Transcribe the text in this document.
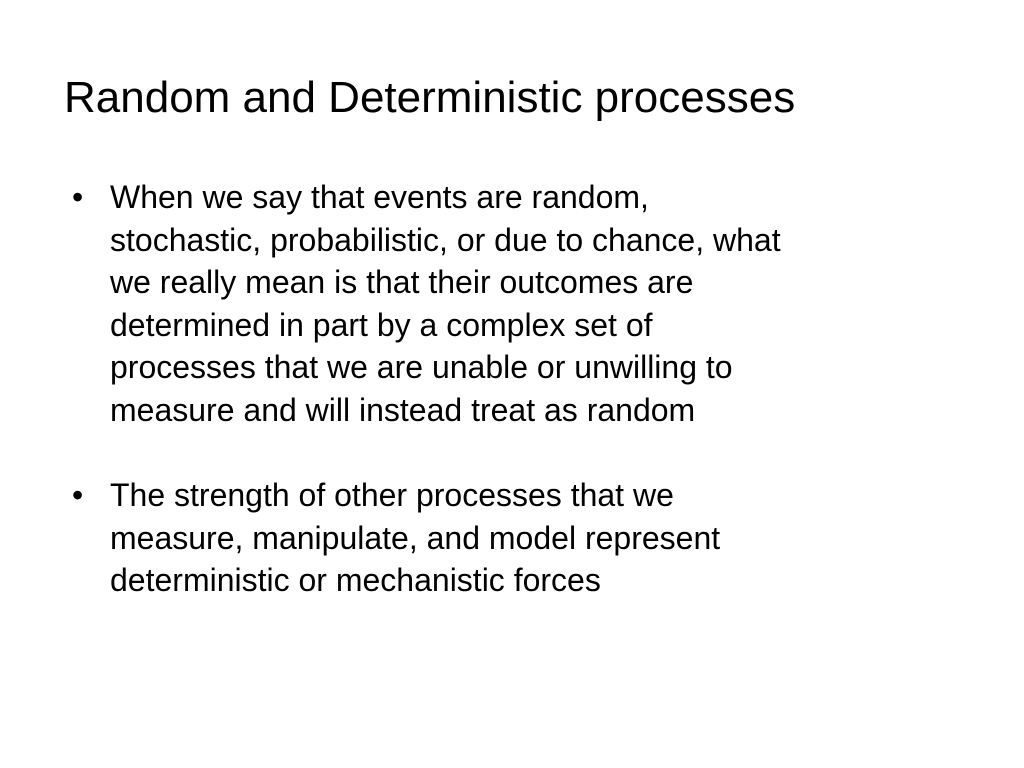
Random and Deterministic processes
• When we say that events are random,
stochastic, probabilistic, or due to chance, what
we really mean is that their outcomes are
determined in part by a complex set of
processes that we are unable or unwilling to
measure and will instead treat as random
• The strength of other processes that we
measure, manipulate, and model represent
deterministic or mechanistic forces
